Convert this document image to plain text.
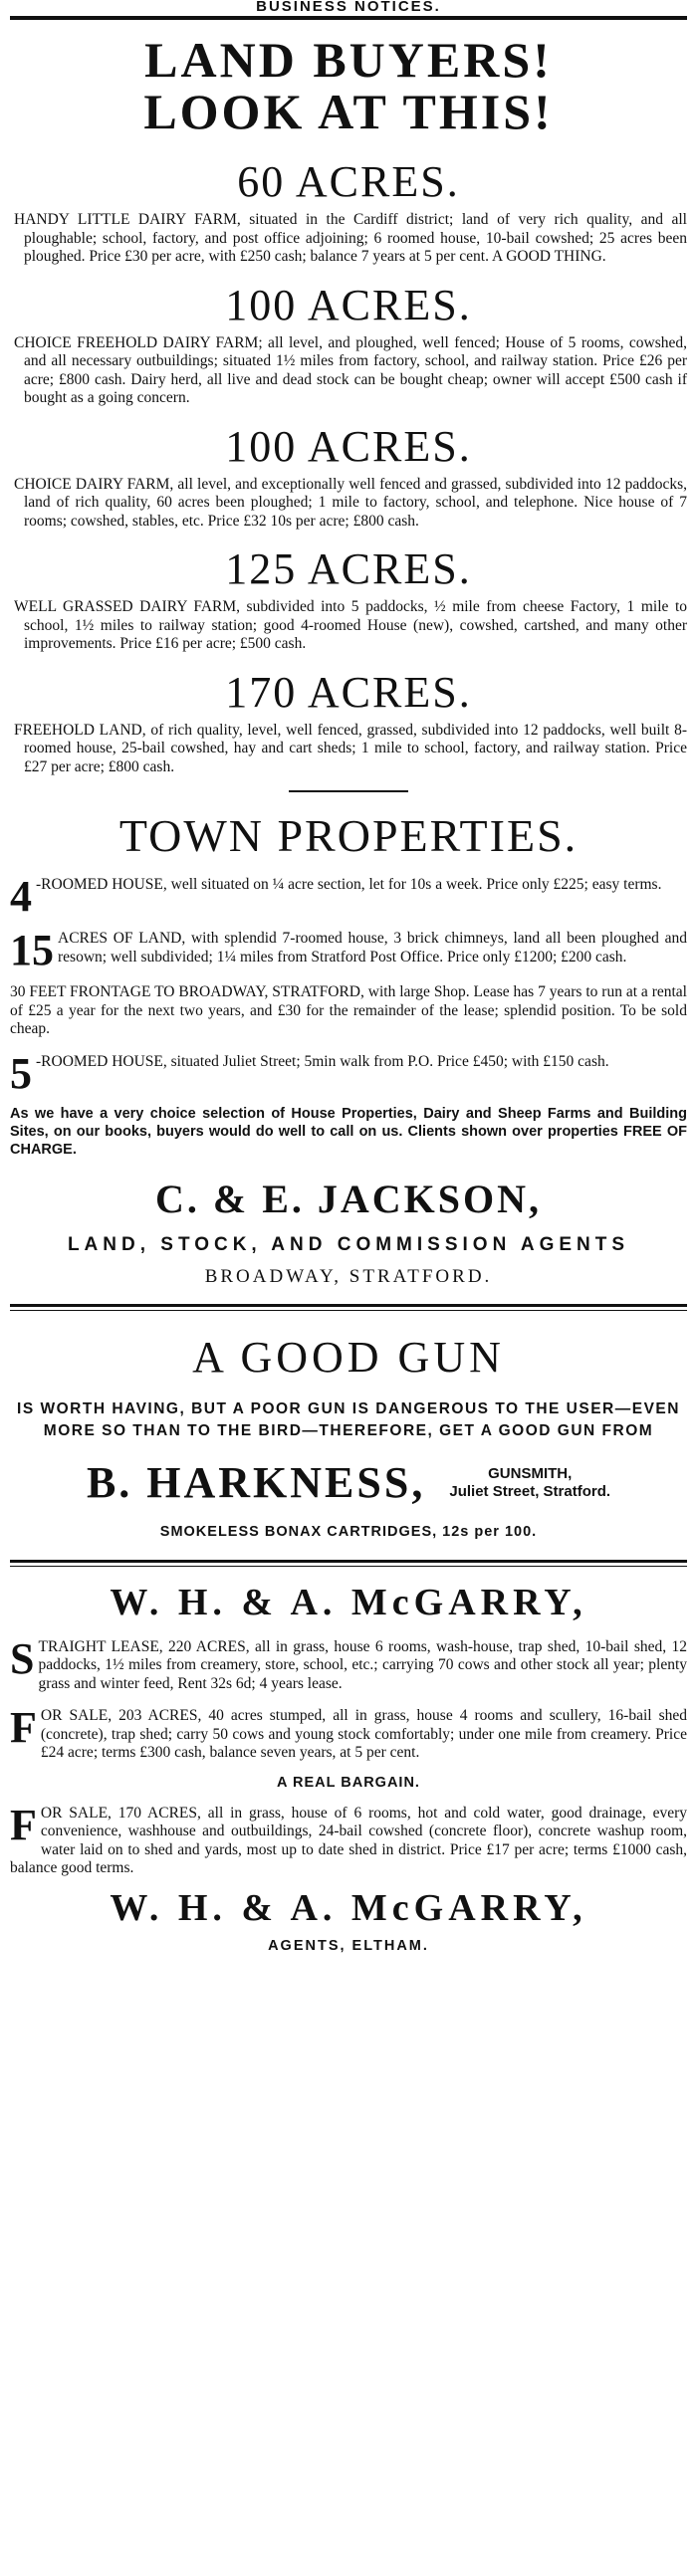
BUSINESS NOTICES.
LAND BUYERS!
LOOK AT THIS!
60 ACRES.

HANDY LITTLE DAIRY FARM, situated in the Cardiff district; land of very rich quality, and all ploughable; school, factory, and post office adjoining; 6 roomed house, 10-bail cowshed; 25 acres been ploughed. Price £30 per acre, with £250 cash; balance 7 years at 5 per cent. A GOOD THING.

100 ACRES.

CHOICE FREEHOLD DAIRY FARM; all level, and ploughed, well fenced; House of 5 rooms, cowshed, and all necessary outbuildings; situated 1½ miles from factory, school, and railway station. Price £26 per acre; £800 cash. Dairy herd, all live and dead stock can be bought cheap; owner will accept £500 cash if bought as a going concern.

100 ACRES.

CHOICE DAIRY FARM, all level, and exceptionally well fenced and grassed, subdivided into 12 paddocks, land of rich quality, 60 acres been ploughed; 1 mile to factory, school, and telephone. Nice house of 7 rooms; cowshed, stables, etc. Price £32 10s per acre; £800 cash.

125 ACRES.

WELL GRASSED DAIRY FARM, subdivided into 5 paddocks, ½ mile from cheese Factory, 1 mile to school, 1½ miles to railway station; good 4-roomed House (new), cowshed, cartshed, and many other improvements. Price £16 per acre; £500 cash.

170 ACRES.

FREEHOLD LAND, of rich quality, level, well fenced, grassed, subdivided into 12 paddocks, well built 8-roomed house, 25-bail cowshed, hay and cart sheds; 1 mile to school, factory, and railway station. Price £27 per acre; £800 cash.

TOWN PROPERTIES.
4 -ROOMED HOUSE, well situated on ¼ acre section, let for 10s a week. Price only £225; easy terms.
15 ACRES OF LAND, with splendid 7-roomed house, 3 brick chimneys, land all been ploughed and resown; well subdivided; 1¼ miles from Stratford Post Office. Price only £1200; £200 cash.
30 FEET FRONTAGE TO BROADWAY, STRATFORD, with large Shop. Lease has 7 years to run at a rental of £25 a year for the next two years, and £30 for the remainder of the lease; splendid position. To be sold cheap.
5 -ROOMED HOUSE, situated Juliet Street; 5min walk from P.O. Price £450; with £150 cash.

As we have a very choice selection of House Properties, Dairy and Sheep Farms and Building Sites, on our books, buyers would do well to call on us. Clients shown over properties FREE OF CHARGE.

C. & E. JACKSON,
LAND, STOCK, AND COMMISSION AGENTS
BROADWAY, STRATFORD.
A GOOD GUN
IS WORTH HAVING, BUT A POOR GUN IS DANGEROUS TO THE USER—EVEN MORE SO THAN TO THE BIRD—THEREFORE, GET A GOOD GUN FROM
B. HARKNESS,	GUNSMITH,
Juliet Street, Stratford.
SMOKELESS BONAX CARTRIDGES, 12s per 100.
W. H. & A. McGARRY,
S TRAIGHT LEASE, 220 ACRES, all in grass, house 6 rooms, wash-house, trap shed, 10-bail shed, 12 paddocks, 1½ miles from creamery, store, school, etc.; carrying 70 cows and other stock all year; plenty grass and winter feed, Rent 32s 6d; 4 years lease.
F OR SALE, 203 ACRES, 40 acres stumped, all in grass, house 4 rooms and scullery, 16-bail shed (concrete), trap shed; carry 50 cows and young stock comfortably; under one mile from creamery. Price £24 acre; terms £300 cash, balance seven years, at 5 per cent.
A REAL BARGAIN.
F OR SALE, 170 ACRES, all in grass, house of 6 rooms, hot and cold water, good drainage, every convenience, washhouse and outbuildings, 24-bail cowshed (concrete floor), concrete washup room, water laid on to shed and yards, most up to date shed in district. Price £17 per acre; terms £1000 cash, balance good terms.
W. H. & A. McGARRY,
AGENTS, ELTHAM.
